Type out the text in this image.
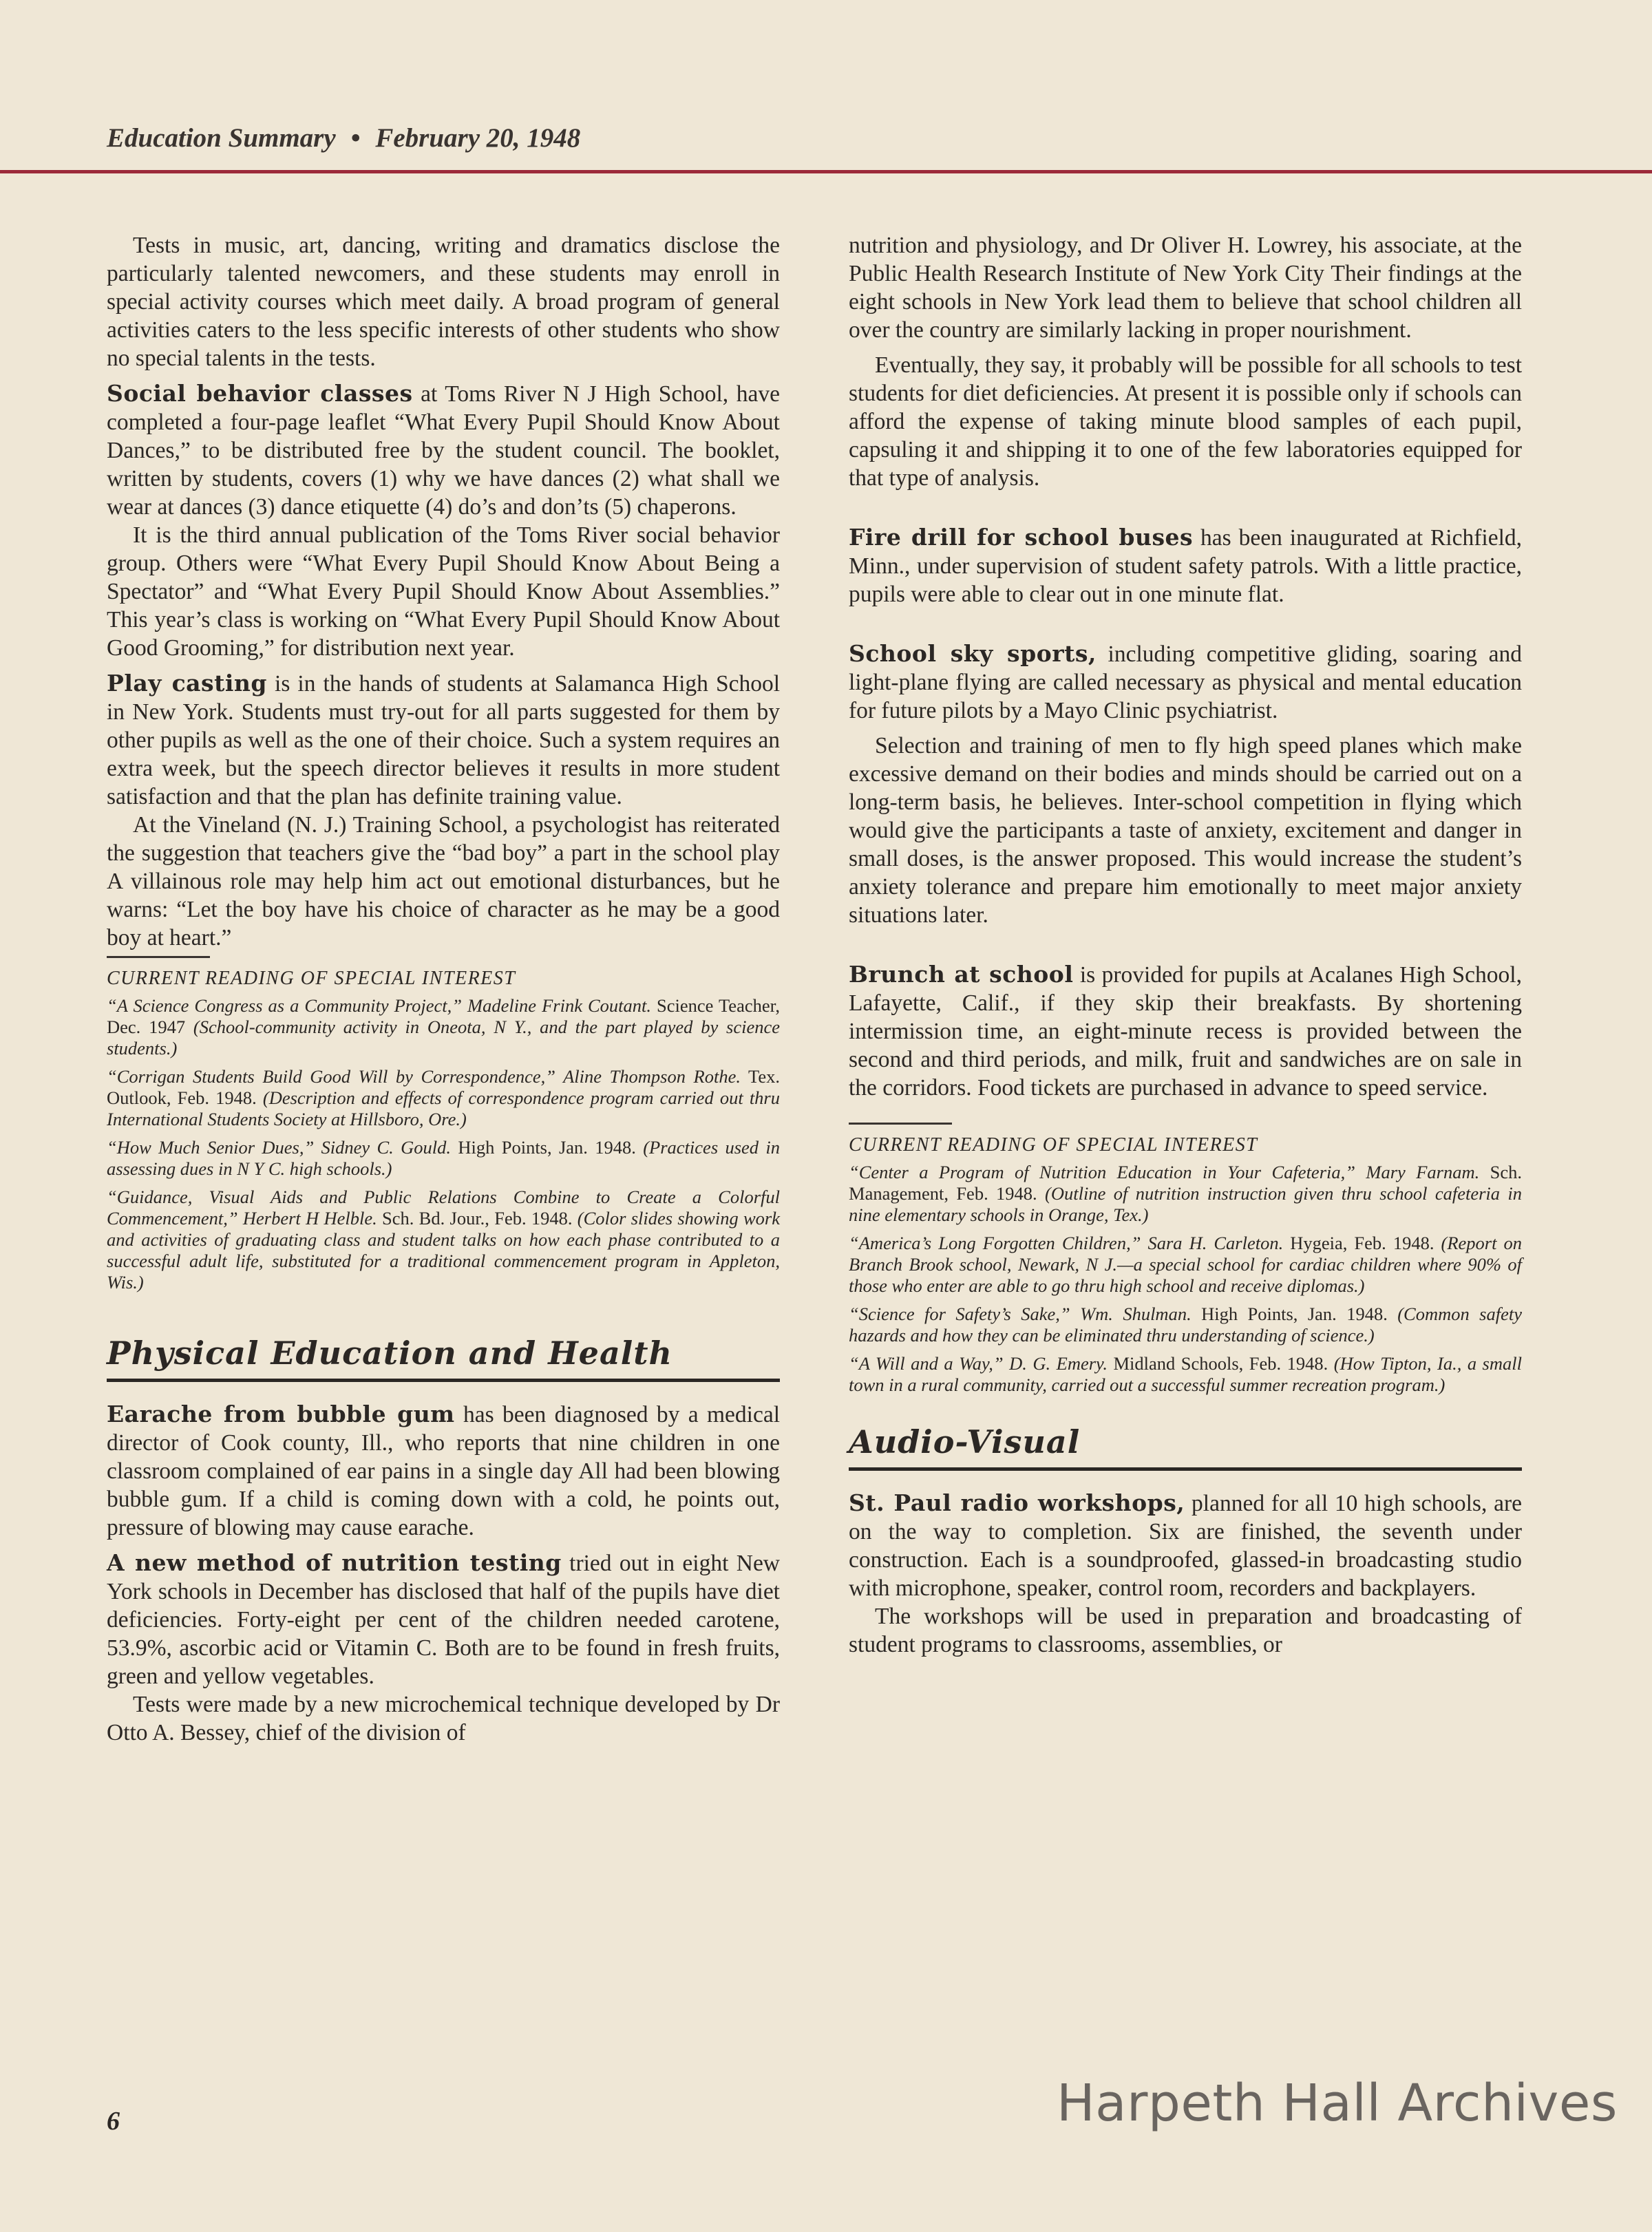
Education Summary • February 20, 1948

Tests in music, art, dancing, writing and dramatics disclose the particularly talented newcomers, and these students may enroll in special activity courses which meet daily. A broad program of general activities caters to the less specific interests of other students who show no special talents in the tests.

Social behavior classes at Toms River N J High School, have completed a four-page leaflet “What Every Pupil Should Know About Dances,” to be distributed free by the student council. The booklet, written by students, covers (1) why we have dances (2) what shall we wear at dances (3) dance etiquette (4) do’s and don’ts (5) chaperons.

It is the third annual publication of the Toms River social behavior group. Others were “What Every Pupil Should Know About Being a Spectator” and “What Every Pupil Should Know About Assemblies.” This year’s class is working on “What Every Pupil Should Know About Good Grooming,” for distribution next year.

Play casting is in the hands of students at Salamanca High School in New York. Students must try-out for all parts suggested for them by other pupils as well as the one of their choice. Such a system requires an extra week, but the speech director believes it results in more student satisfaction and that the plan has definite training value.

At the Vineland (N. J.) Training School, a psychologist has reiterated the suggestion that teachers give the “bad boy” a part in the school play A villainous role may help him act out emotional disturbances, but he warns: “Let the boy have his choice of character as he may be a good boy at heart.”

CURRENT READING OF SPECIAL INTEREST

“A Science Congress as a Community Project,” Madeline Frink Coutant. Science Teacher, Dec. 1947 (School-community activity in Oneota, N Y., and the part played by science students.)

“Corrigan Students Build Good Will by Correspondence,” Aline Thompson Rothe. Tex. Outlook, Feb. 1948. (Description and effects of correspondence program carried out thru International Students Society at Hillsboro, Ore.)

“How Much Senior Dues,” Sidney C. Gould. High Points, Jan. 1948. (Practices used in assessing dues in N Y C. high schools.)

“Guidance, Visual Aids and Public Relations Combine to Create a Colorful Commencement,” Herbert H Helble. Sch. Bd. Jour., Feb. 1948. (Color slides showing work and activities of graduating class and student talks on how each phase contributed to a successful adult life, substituted for a traditional commencement program in Appleton, Wis.)

Physical Education and Health

Earache from bubble gum has been diagnosed by a medical director of Cook county, Ill., who reports that nine children in one classroom complained of ear pains in a single day All had been blowing bubble gum. If a child is coming down with a cold, he points out, pressure of blowing may cause earache.

A new method of nutrition testing tried out in eight New York schools in December has disclosed that half of the pupils have diet deficiencies. Forty-eight per cent of the children needed carotene, 53.9%, ascorbic acid or Vitamin C. Both are to be found in fresh fruits, green and yellow vegetables.

Tests were made by a new microchemical technique developed by Dr Otto A. Bessey, chief of the division of

nutrition and physiology, and Dr Oliver H. Lowrey, his associate, at the Public Health Research Institute of New York City Their findings at the eight schools in New York lead them to believe that school children all over the country are similarly lacking in proper nourishment.

Eventually, they say, it probably will be possible for all schools to test students for diet deficiencies. At present it is possible only if schools can afford the expense of taking minute blood samples of each pupil, capsuling it and shipping it to one of the few laboratories equipped for that type of analysis.

Fire drill for school buses has been inaugurated at Richfield, Minn., under supervision of student safety patrols. With a little practice, pupils were able to clear out in one minute flat.

School sky sports, including competitive gliding, soaring and light-plane flying are called necessary as physical and mental education for future pilots by a Mayo Clinic psychiatrist.

Selection and training of men to fly high speed planes which make excessive demand on their bodies and minds should be carried out on a long-term basis, he believes. Inter-school competition in flying which would give the participants a taste of anxiety, excitement and danger in small doses, is the answer proposed. This would increase the student’s anxiety tolerance and prepare him emotionally to meet major anxiety situations later.

Brunch at school is provided for pupils at Acalanes High School, Lafayette, Calif., if they skip their breakfasts. By shortening intermission time, an eight-minute recess is provided between the second and third periods, and milk, fruit and sandwiches are on sale in the corridors. Food tickets are purchased in advance to speed service.

CURRENT READING OF SPECIAL INTEREST

“Center a Program of Nutrition Education in Your Cafeteria,” Mary Farnam. Sch. Management, Feb. 1948. (Outline of nutrition instruction given thru school cafeteria in nine elementary schools in Orange, Tex.)

“America’s Long Forgotten Children,” Sara H. Carleton. Hygeia, Feb. 1948. (Report on Branch Brook school, Newark, N J.—a special school for cardiac children where 90% of those who enter are able to go thru high school and receive diplomas.)

“Science for Safety’s Sake,” Wm. Shulman. High Points, Jan. 1948. (Common safety hazards and how they can be eliminated thru understanding of science.)

“A Will and a Way,” D. G. Emery. Midland Schools, Feb. 1948. (How Tipton, Ia., a small town in a rural community, carried out a successful summer recreation program.)

Audio-Visual

St. Paul radio workshops, planned for all 10 high schools, are on the way to completion. Six are finished, the seventh under construction. Each is a soundproofed, glassed-in broadcasting studio with microphone, speaker, control room, recorders and backplayers.

The workshops will be used in preparation and broadcasting of student programs to classrooms, assemblies, or

6	Harpeth Hall Archives
